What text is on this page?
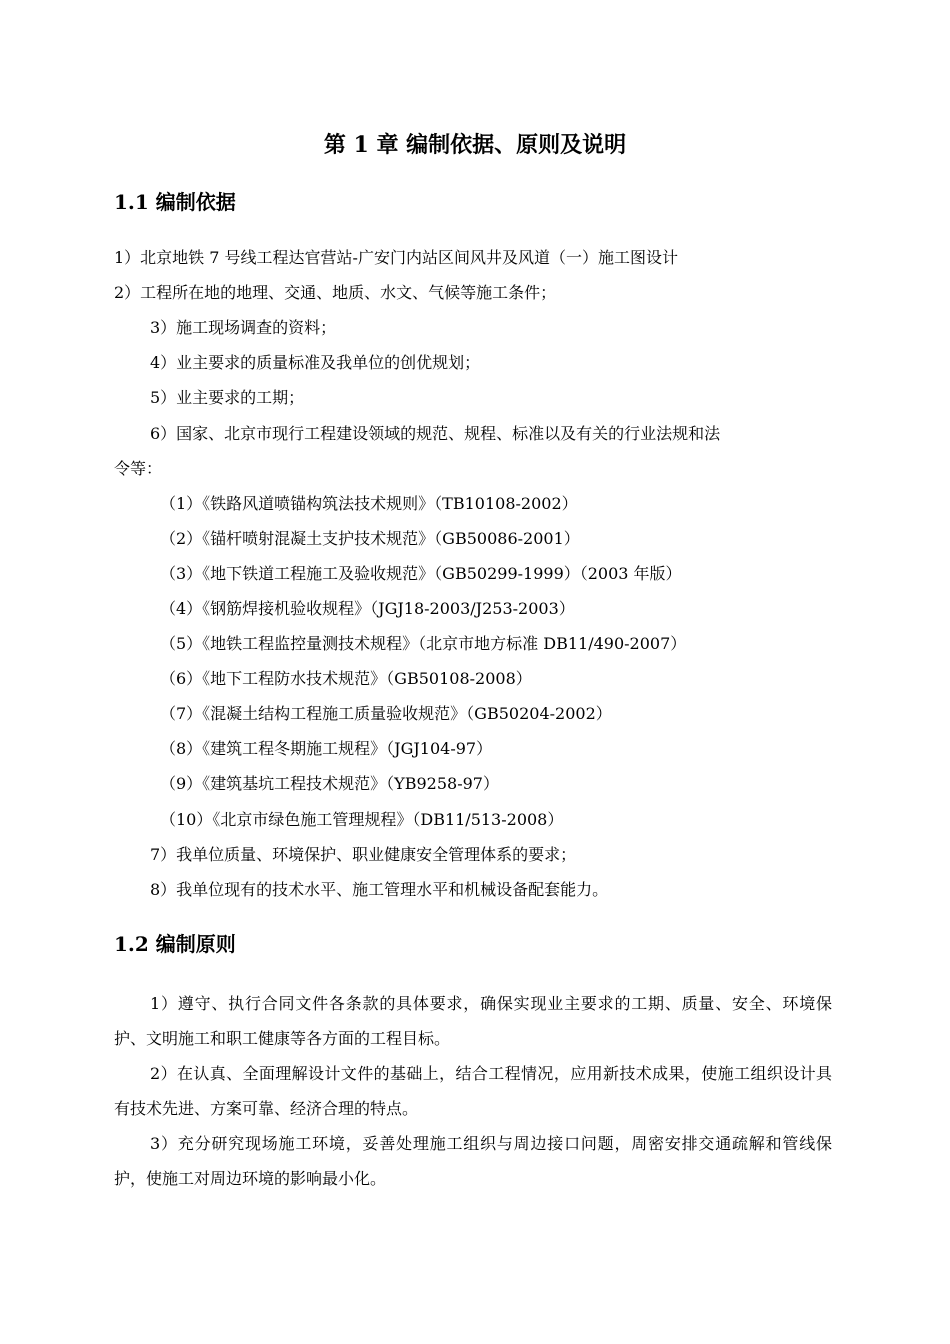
第 1 章 编制依据、原则及说明
1.1 编制依据
1）北京地铁 7 号线工程达官营站-广安门内站区间风井及风道（一）施工图设计
2）工程所在地的地理、交通、地质、水文、气候等施工条件；
3）施工现场调查的资料；
4）业主要求的质量标准及我单位的创优规划；
5）业主要求的工期；
6）国家、北京市现行工程建设领域的规范、规程、标准以及有关的行业法规和法
令等：
（1）《铁路风道喷锚构筑法技术规则》（TB10108-2002）
（2）《锚杆喷射混凝土支护技术规范》（GB50086-2001）
（3）《地下铁道工程施工及验收规范》（GB50299-1999）（2003 年版）
（4）《钢筋焊接机验收规程》（JGJ18-2003/J253-2003）
（5）《地铁工程监控量测技术规程》（北京市地方标准 DB11/490-2007）
（6）《地下工程防水技术规范》（GB50108-2008）
（7）《混凝土结构工程施工质量验收规范》（GB50204-2002）
（8）《建筑工程冬期施工规程》（JGJ104-97）
（9）《建筑基坑工程技术规范》（YB9258-97）
（10）《北京市绿色施工管理规程》（DB11/513-2008）
7）我单位质量、环境保护、职业健康安全管理体系的要求；
8）我单位现有的技术水平、施工管理水平和机械设备配套能力。
1.2 编制原则
1）遵守、执行合同文件各条款的具体要求，确保实现业主要求的工期、质量、安全、环境保护、文明施工和职工健康等各方面的工程目标。
2）在认真、全面理解设计文件的基础上，结合工程情况，应用新技术成果，使施工组织设计具有技术先进、方案可靠、经济合理的特点。
3）充分研究现场施工环境，妥善处理施工组织与周边接口问题，周密安排交通疏解和管线保护，使施工对周边环境的影响最小化。
